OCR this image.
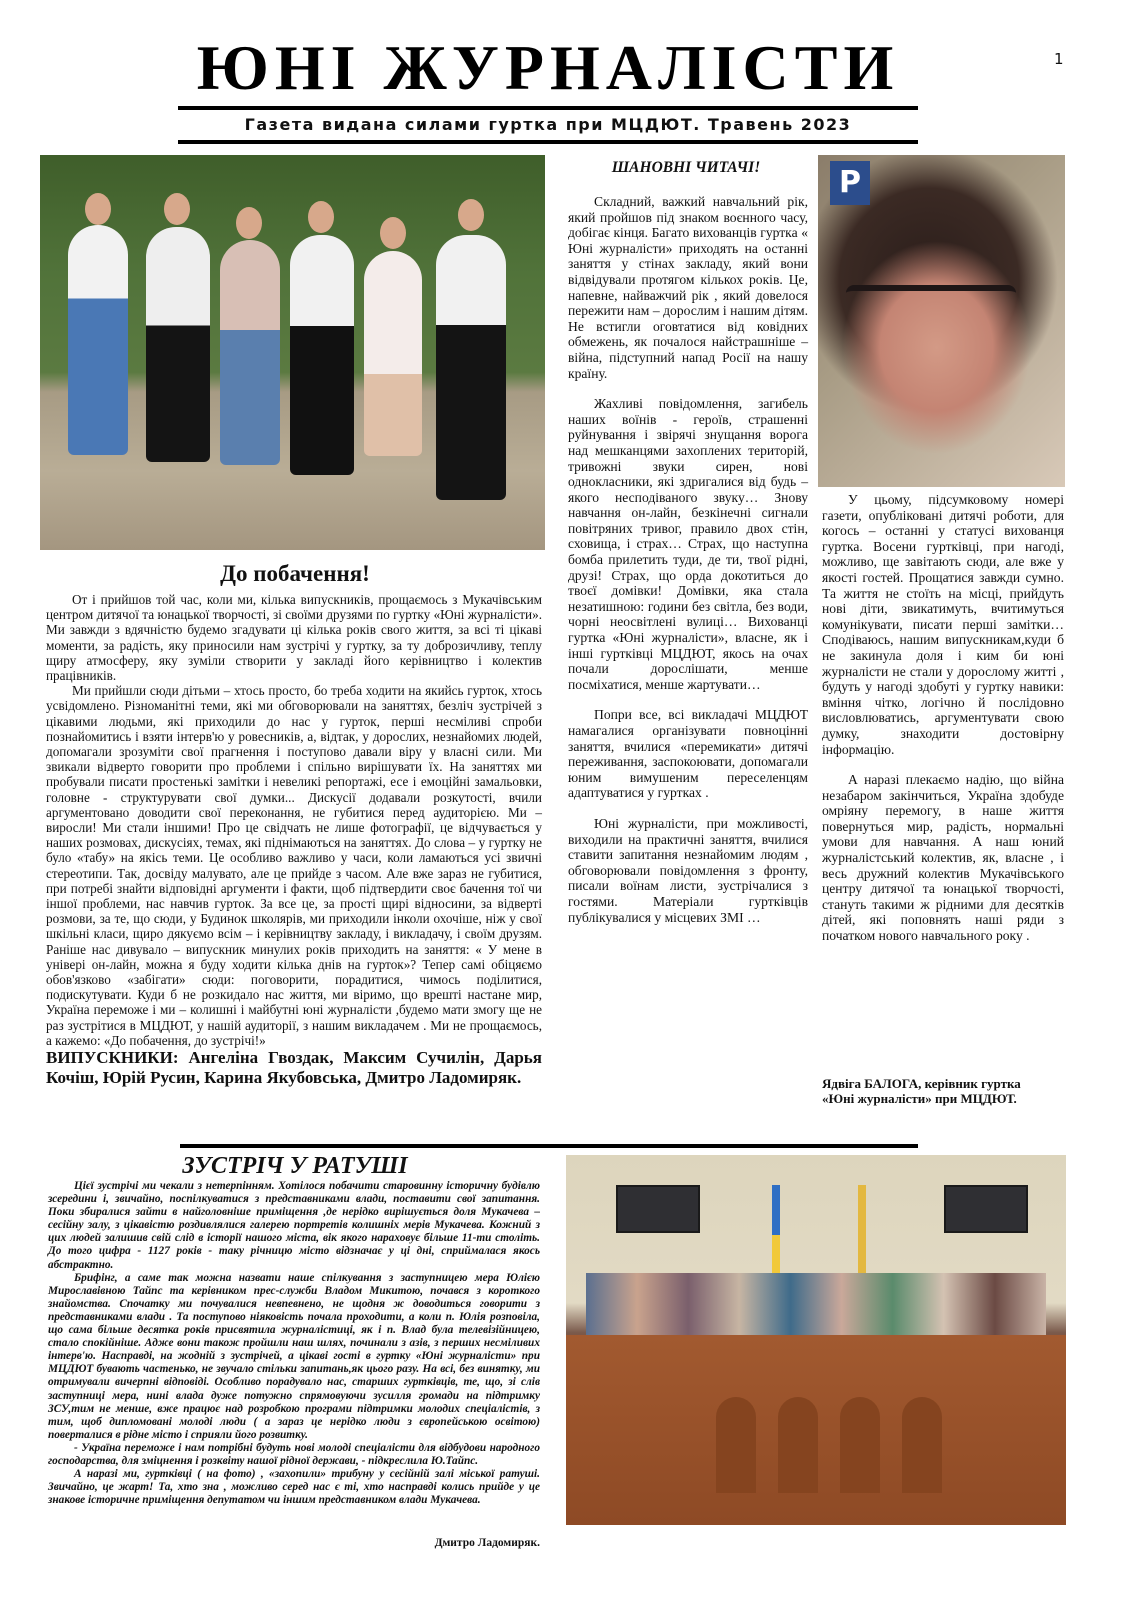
ЮНІ ЖУРНАЛІСТИ
Газета видана силами гуртка при МЦДЮТ. Травень 2023
1
До побачення!

От і прийшов той час, коли ми, кілька випускників, прощаємось з Мукачівським центром дитячої та юнацької творчості, зі своїми друзями по гуртку «Юні журналісти». Ми завжди з вдячністю будемо згадувати ці кілька років свого життя, за всі ті цікаві моменти, за радість, яку приносили нам зустрічі у гуртку, за ту доброзичливу, теплу щиру атмосферу, яку зуміли створити у закладі його керівництво і колектив працівників.

Ми прийшли сюди дітьми – хтось просто, бо треба ходити на якийсь гурток, хтось усвідомлено. Різноманітні теми, які ми обговорювали на заняттях, безліч зустрічей з цікавими людьми, які приходили до нас у гурток, перші несміливі спроби познайомитись і взяти інтерв'ю у ровесників, а, відтак, у дорослих, незнайомих людей, допомагали зрозуміти свої прагнення і поступово давали віру у власні сили. Ми звикали відверто говорити про проблеми і спільно вирішувати їх. На заняттях ми пробували писати простенькі замітки і невеликі репортажі, есе і емоційні замальовки, головне - структурувати свої думки... Дискусії додавали розкутості, вчили аргументовано доводити свої переконання, не губитися перед аудиторією. Ми – виросли! Ми стали іншими! Про це свідчать не лише фотографії, це відчувається у наших розмовах, дискусіях, темах, які піднімаються на заняттях. До слова – у гуртку не було «табу» на якісь теми. Це особливо важливо у часи, коли ламаються усі звичні стереотипи. Так, досвіду малувато, але це прийде з часом. Але вже зараз не губитися, при потребі знайти відповідні аргументи і факти, щоб підтвердити своє бачення тої чи іншої проблеми, нас навчив гурток. За все це, за прості щирі відносини, за відверті розмови, за те, що сюди, у Будинок школярів, ми приходили інколи охочіше, ніж у свої шкільні класи, щиро дякуємо всім – і керівництву закладу, і викладачу, і своїм друзям. Раніше нас дивувало – випускник минулих років приходить на заняття: « У мене в універі он-лайн, можна я буду ходити кілька днів на гурток»? Тепер самі обіцяємо обов'язково «забігати» сюди: поговорити, порадитися, чимось поділитися, подискутувати. Куди б не розкидало нас життя, ми віримо, що врешті настане мир, Україна переможе і ми – колишні і майбутні юні журналісти ,будемо мати змогу ще не раз зустрітися в МЦДЮТ, у нашій аудиторії, з нашим викладачем . Ми не прощаємось, а кажемо: «До побачення, до зустрічі!»

ВИПУСКНИКИ: Ангеліна Гвоздак, Максим Сучилін, Дарья Кочіш, Юрій Русин, Карина Якубовська, Дмитро Ладомиряк.
ШАНОВНІ ЧИТАЧІ!

Складний, важкий навчальний рік, який пройшов під знаком воєнного часу, добігає кінця. Багато вихованців гуртка « Юні журналісти» приходять на останні заняття у стінах закладу, який вони відвідували протягом кількох років. Це, напевне, найважчий рік , який довелося пережити нам – дорослим і нашим дітям. Не встигли оговтатися від ковідних обмежень, як почалося найстрашніше – війна, підступний напад Росії на нашу країну.

Жахливі повідомлення, загибель наших воїнів - героїв, страшенні руйнування і звірячі знущання ворога над мешканцями захоплених територій, тривожні звуки сирен, нові однокласники, які здригалися від будь – якого несподіваного звуку… Знову навчання он-лайн, безкінечні сигнали повітряних тривог, правило двох стін, сховища, і страх… Страх, що наступна бомба прилетить туди, де ти, твої рідні, друзі! Страх, що орда докотиться до твоєї домівки! Домівки, яка стала незатишною: години без світла, без води, чорні неосвітлені вулиці… Вихованці гуртка «Юні журналісти», власне, як і інші гуртківці МЦДЮТ, якось на очах почали дорослішати, менше посміхатися, менше жартувати…

Попри все, всі викладачі МЦДЮТ намагалися організувати повноцінні заняття, вчилися «перемикати» дитячі переживання, заспокоювати, допомагали юним вимушеним переселенцям адаптуватися у гуртках .

Юні журналісти, при можливості, виходили на практичні заняття, вчилися ставити запитання незнайомим людям , обговорювали повідомлення з фронту, писали воїнам листи, зустрічалися з гостями. Матеріали гуртківців публікувалися у місцевих ЗМІ …

P

У цьому, підсумковому номері газети, опубліковані дитячі роботи, для когось – останні у статусі вихованця гуртка. Восени гуртківці, при нагоді, можливо, ще завітають сюди, але вже у якості гостей. Прощатися завжди сумно. Та життя не стоїть на місці, прийдуть нові діти, звикатимуть, вчитимуться комунікувати, писати перші замітки… Сподіваюсь, нашим випускникам,куди б не закинула доля і ким би юні журналісти не стали у дорослому житті , будуть у нагоді здобуті у гуртку навики: вміння чітко, логічно й послідовно висловлюватись, аргументувати свою думку, знаходити достовірну інформацію.

А наразі плекаємо надію, що війна незабаром закінчиться, Україна здобуде омріяну перемогу, в наше життя повернуться мир, радість, нормальні умови для навчання. А наш юний журналістський колектив, як, власне , і весь дружний колектив Мукачівського центру дитячої та юнацької творчості, стануть такими ж рідними для десятків дітей, які поповнять наші ряди з початком нового навчального року .

Ядвіга БАЛОГА, керівник гуртка
«Юні журналісти» при МЦДЮТ.
ЗУСТРІЧ У РАТУШІ

Цієї зустрічі ми чекали з нетерпінням. Хотілося побачити старовинну історичну будівлю зсередини і, звичайно, поспілкуватися з представниками влади, поставити свої запитання. Поки збиралися зайти в найголовніше приміщення ,де нерідко вирішується доля Мукачева – сесійну залу, з цікавістю роздивлялися галерею портретів колишніх мерів Мукачева. Кожний з цих людей залишив свій слід в історії нашого міста, вік якого нараховує більше 11-ти століть. До того цифра - 1127 років - таку річницю місто відзначає у ці дні, сприймалася якось абстрактно.

Брифінг, а саме так можна назвати наше спілкування з заступницею мера Юлією Мирославівною Тайпс та керівником прес-служби Владом Микитою, почався з короткого знайомства. Спочатку ми почувалися невпевнено, не щодня ж доводиться говорити з представниками влади . Та поступово ніяковість почала проходити, а коли п. Юлія розповіла, що сама більше десятка років присвятила журналістиці, як і п. Влад була телевізійницею, стало спокійніше. Адже вони також пройшли наш шлях, починали з азів, з перших несміливих інтерв'ю. Насправді, на жодній з зустрічей, а цікаві гості в гуртку «Юні журналісти» при МЦДЮТ бувають частенько, не звучало стільки запитань,як цього разу. На всі, без винятку, ми отримували вичерпні відповіді. Особливо порадувало нас, старших гуртківців, те, що, зі слів заступниці мера, нині влада дуже потужно спрямовуючи зусилля громади на підтримку ЗСУ,тим не менше, вже працює над розробкою програми підтримки молодих спеціалістів, з тим, щоб дипломовані молоді люди ( а зараз це нерідко люди з європейською освітою) поверталися в рідне місто і сприяли його розвитку.

- Україна переможе і нам потрібні будуть нові молоді спеціалісти для відбудови народного господарства, для зміцнення і розквіту нашої рідної держави, - підкреслила Ю.Тайпс.

А наразі ми, гуртківці ( на фото) , «захопили» трибуну у сесійній залі міської ратуші. Звичайно, це жарт! Та, хто зна , можливо серед нас є ті, хто насправді колись прийде у це знакове історичне приміщення депутатом чи іншим представником влади Мукачева.

Дмитро Ладомиряк.
